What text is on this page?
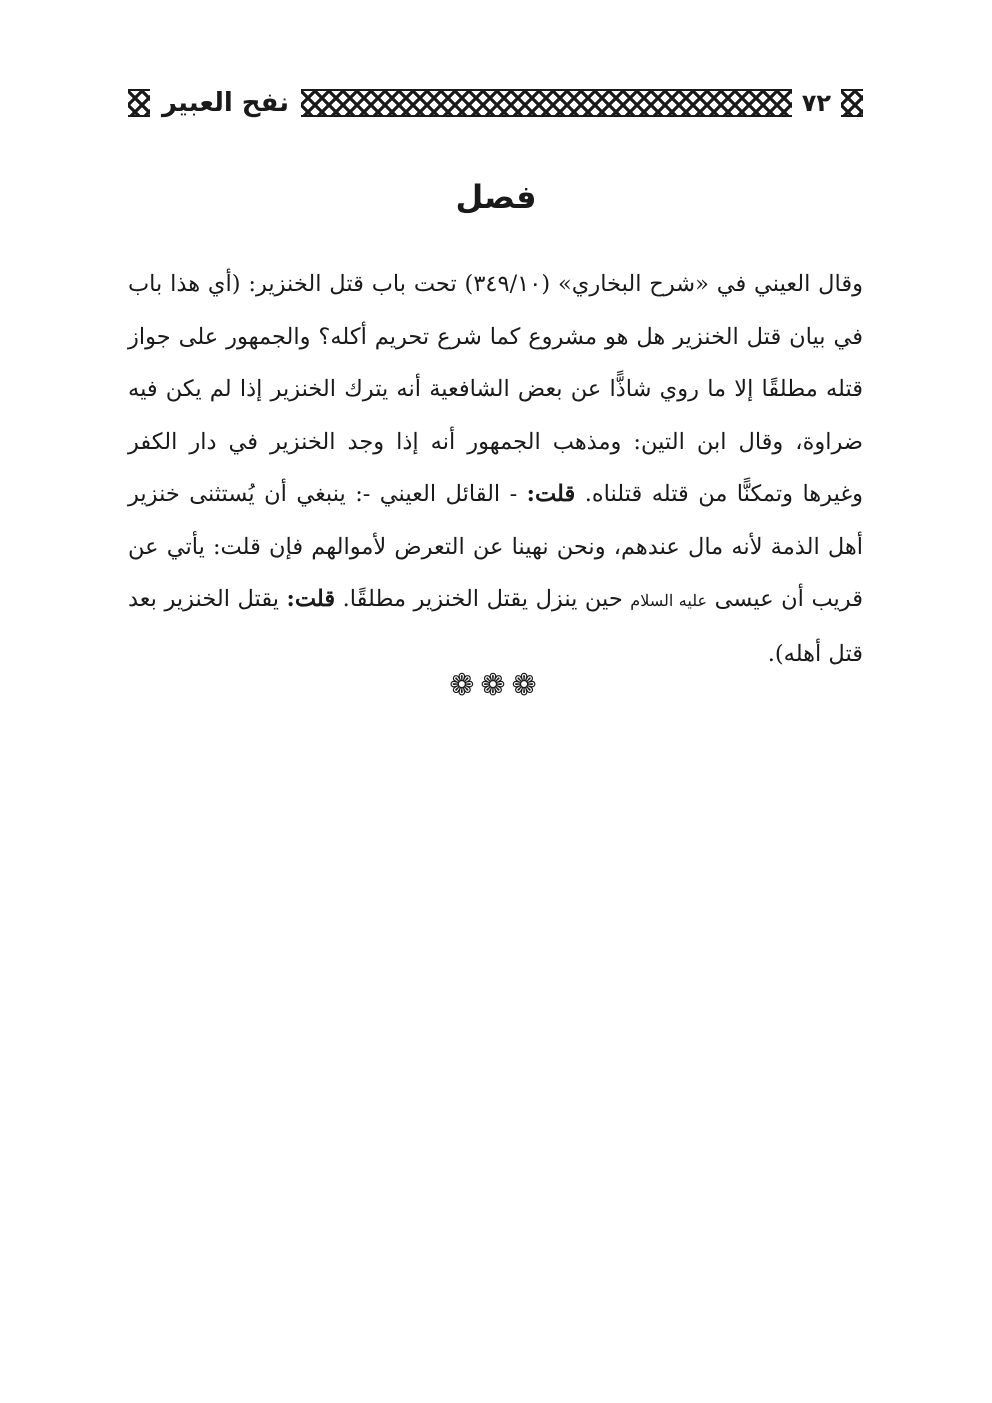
٧٢
نفح العبير
فصل

وقال العيني في «شرح البخاري» (٣٤٩/١٠) تحت باب قتل الخنزير: (أي هذا باب في بيان قتل الخنزير هل هو مشروع كما شرع تحريم أكله؟ والجمهور على جواز قتله مطلقًا إلا ما روي شاذًّا عن بعض الشافعية أنه يترك الخنزير إذا لم يكن فيه ضراوة، وقال ابن التين: ومذهب الجمهور أنه إذا وجد الخنزير في دار الكفر وغيرها وتمكنًّا من قتله قتلناه. قلت: - القائل العيني -: ينبغي أن يُستثنى خنزير أهل الذمة لأنه مال عندهم، ونحن نهينا عن التعرض لأموالهم فإن قلت: يأتي عن قريب أن عيسى عليه السلام حين ينزل يقتل الخنزير مطلقًا. قلت: يقتل الخنزير بعد قتل أهله).

❁❁❁
